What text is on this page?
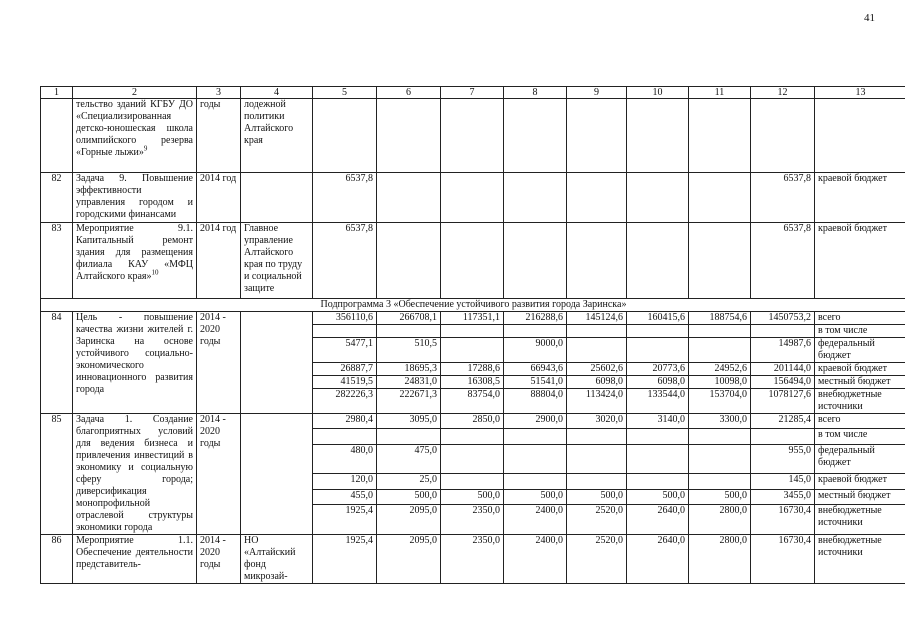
41
1	2	3	4	5	6	7	8	9	10	11	12	13
	тельство зданий КГБУ ДО «Специализированная детско-юношеская школа олимпийского резерва «Горные лыжи»$^9$	годы	лодежной политики Алтайского края									
82	Задача 9. Повышение эффективности управления городом и городскими финансами	2014 год		6537,8							6537,8	краевой бюджет
83	Мероприятие 9.1. Капитальный ремонт здания для размещения филиала КАУ «МФЦ Алтайского края»$^{10}$	2014 год	Главное управление Алтайского края по труду и социальной защите	6537,8							6537,8	краевой бюджет
Подпрограмма 3 «Обеспечение устойчивого развития города Заринска»												
84	Цель - повышение качества жизни жителей г. Заринска на основе устойчивого социально-экономического инновационного развития города	2014 - 2020 годы		356110,6	266708,1	117351,1	216288,6	145124,6	160415,6	188754,6	1450753,2	всего
												в том числе
				5477,1	510,5		9000,0				14987,6	федеральный бюджет
				26887,7	18695,3	17288,6	66943,6	25602,6	20773,6	24952,6	201144,0	краевой бюджет
				41519,5	24831,0	16308,5	51541,0	6098,0	6098,0	10098,0	156494,0	местный бюджет
				282226,3	222671,3	83754,0	88804,0	113424,0	133544,0	153704,0	1078127,6	внебюджетные источники
85	Задача 1. Создание благоприятных условий для ведения бизнеса и привлечения инвестиций в экономику и социальную сферу города; диверсификация монопрофильной отраслевой структуры экономики города	2014 - 2020 годы		2980,4	3095,0	2850,0	2900,0	3020,0	3140,0	3300,0	21285,4	всего
												в том числе
				480,0	475,0						955,0	федеральный бюджет
				120,0	25,0						145,0	краевой бюджет
				455,0	500,0	500,0	500,0	500,0	500,0	500,0	3455,0	местный бюджет
				1925,4	2095,0	2350,0	2400,0	2520,0	2640,0	2800,0	16730,4	внебюджетные источники
86	Мероприятие 1.1. Обеспечение деятельности представитель-	2014 - 2020 годы	НО «Алтайский фонд микрозай-	1925,4	2095,0	2350,0	2400,0	2520,0	2640,0	2800,0	16730,4	внебюджетные источники
